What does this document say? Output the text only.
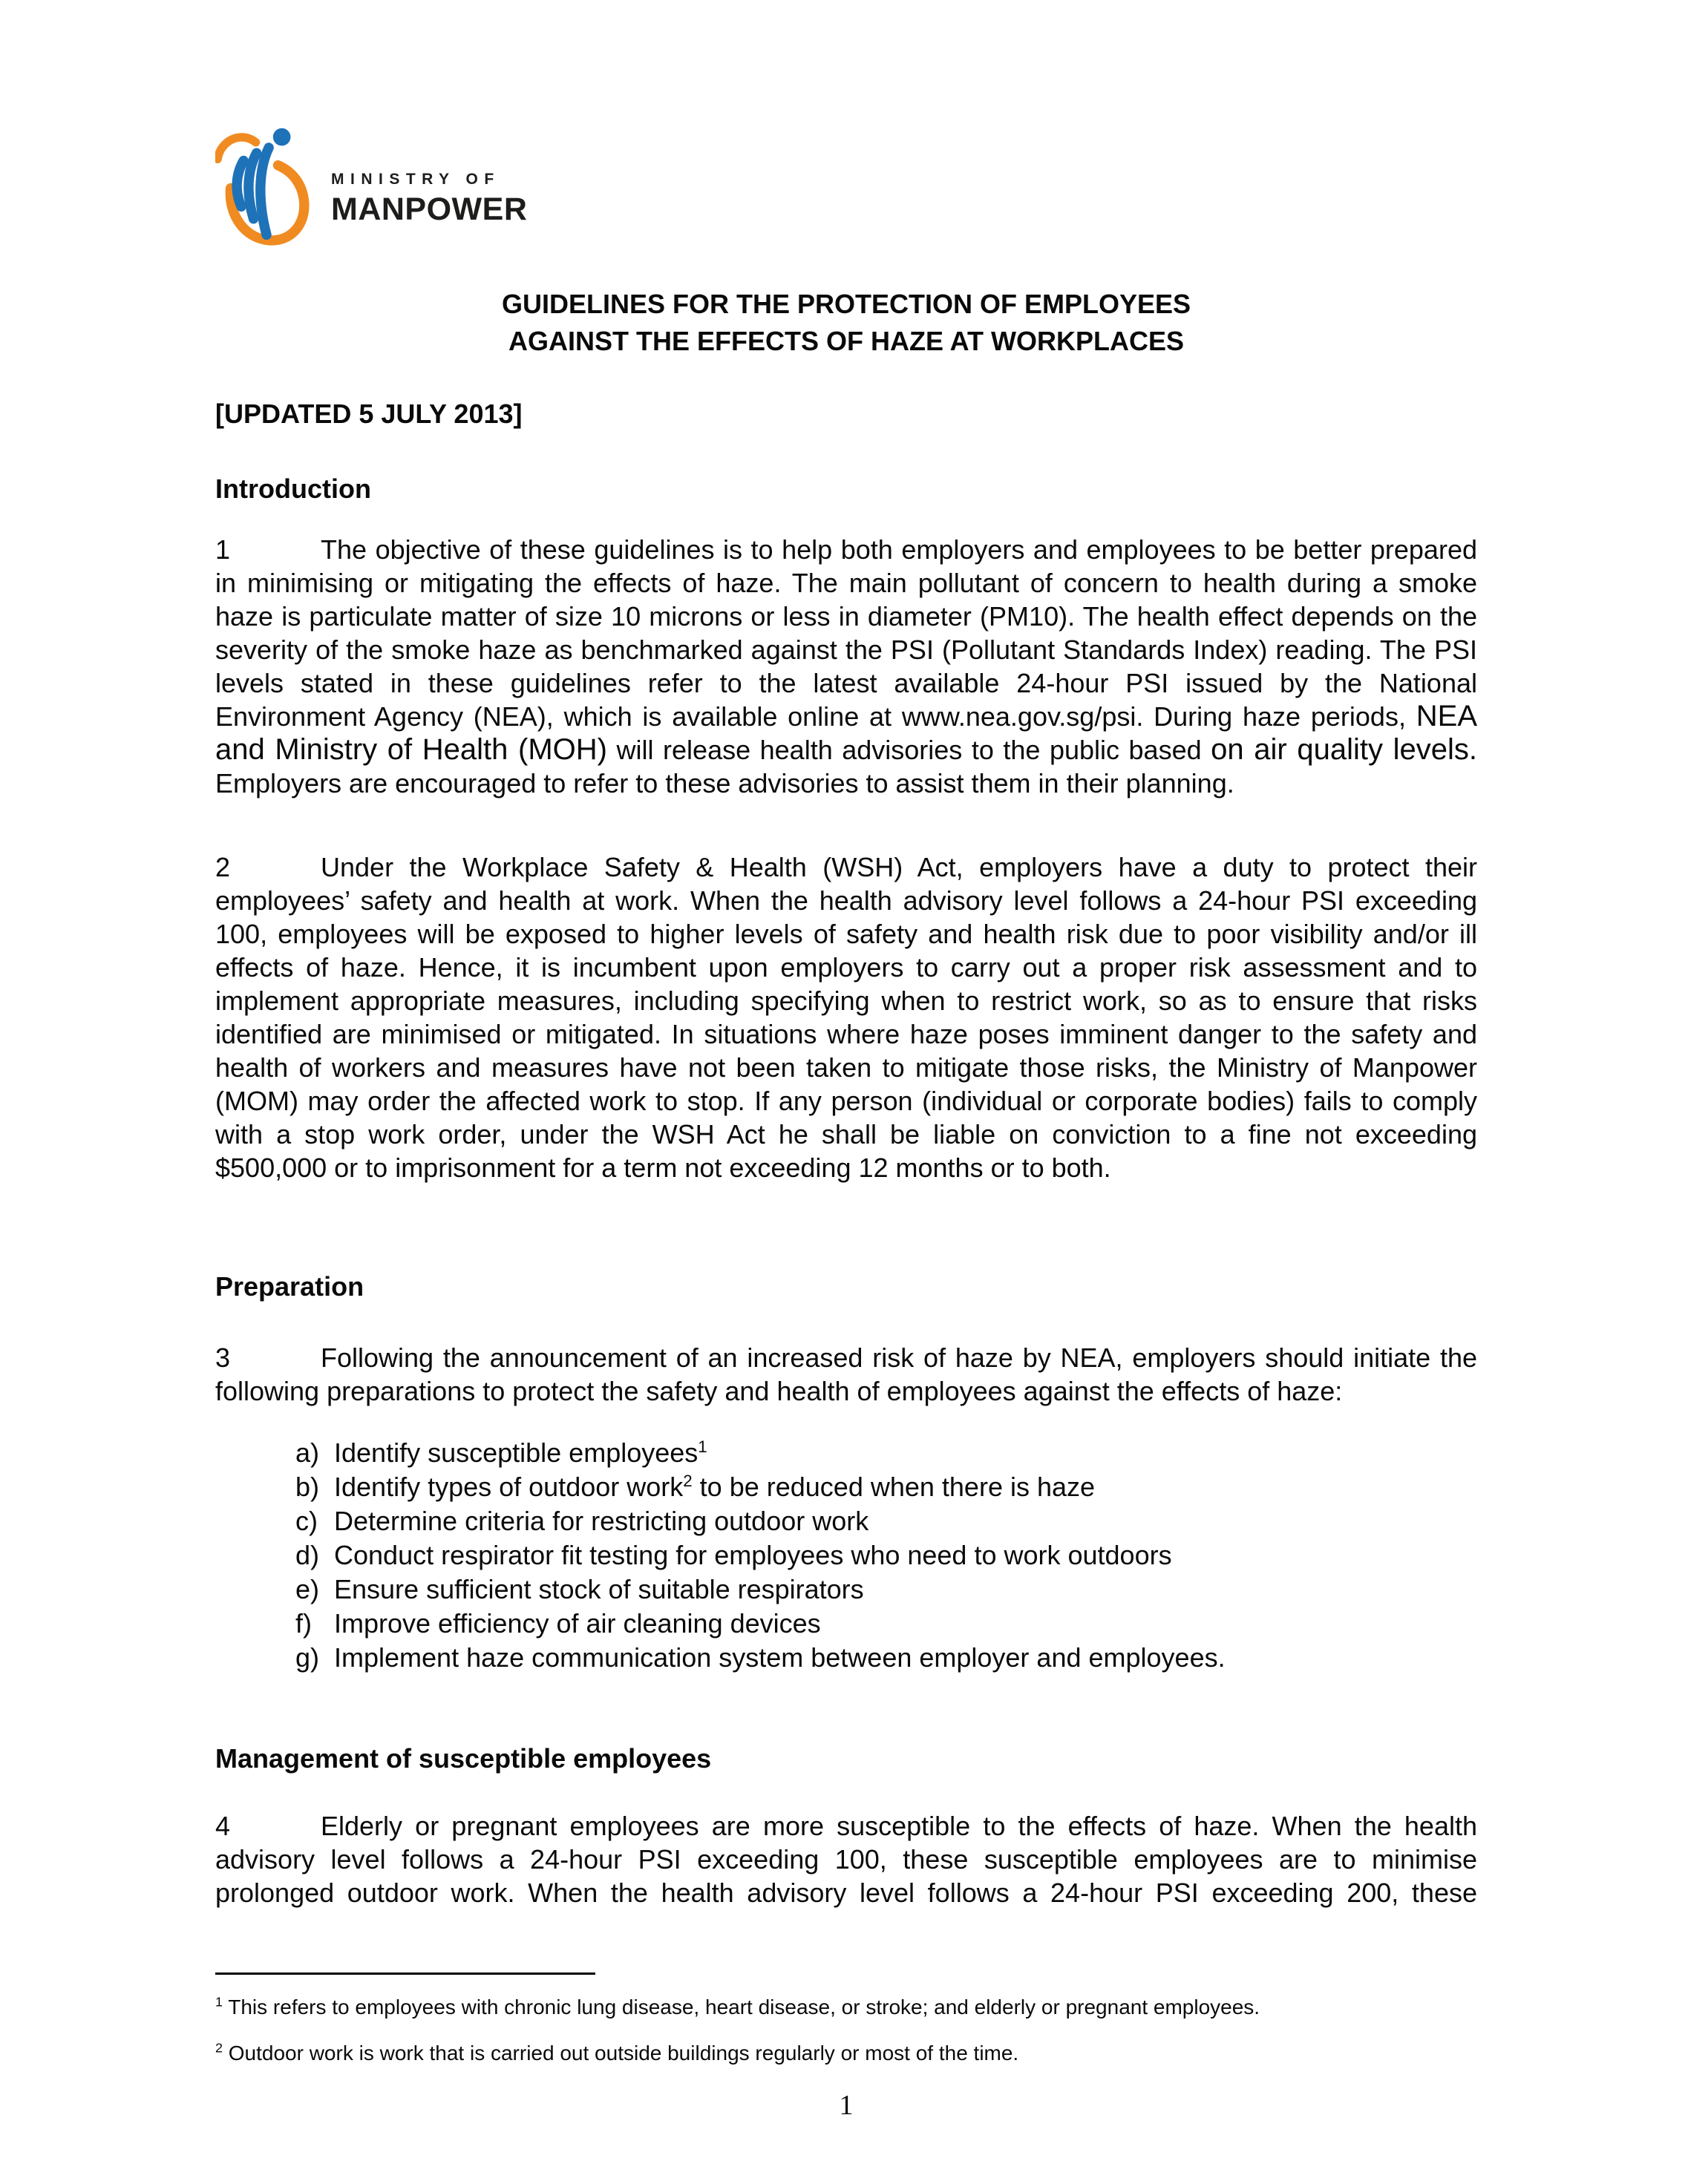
MINISTRY OF
MANPOWER
GUIDELINES FOR THE PROTECTION OF EMPLOYEES
AGAINST THE EFFECTS OF HAZE AT WORKPLACES
[UPDATED 5 JULY 2013]
Introduction

1	The objective of these guidelines is to help both employers and employees to be better prepared in minimising or mitigating the effects of haze. The main pollutant of concern to health during a smoke haze is particulate matter of size 10 microns or less in diameter (PM10). The health effect depends on the severity of the smoke haze as benchmarked against the PSI (Pollutant Standards Index) reading. The PSI levels stated in these guidelines refer to the latest available 24-hour PSI issued by the National Environment Agency (NEA), which is available online at www.nea.gov.sg/psi. During haze periods, NEA and Ministry of Health (MOH) will release health advisories to the public based on air quality levels. Employers are encouraged to refer to these advisories to assist them in their planning.

2	Under the Workplace Safety & Health (WSH) Act, employers have a duty to protect their employees’ safety and health at work. When the health advisory level follows a 24-hour PSI exceeding 100, employees will be exposed to higher levels of safety and health risk due to poor visibility and/or ill effects of haze. Hence, it is incumbent upon employers to carry out a proper risk assessment and to implement appropriate measures, including specifying when to restrict work, so as to ensure that risks identified are minimised or mitigated. In situations where haze poses imminent danger to the safety and health of workers and measures have not been taken to mitigate those risks, the Ministry of Manpower (MOM) may order the affected work to stop. If any person (individual or corporate bodies) fails to comply with a stop work order, under the WSH Act he shall be liable on conviction to a fine not exceeding $500,000 or to imprisonment for a term not exceeding 12 months or to both.

Preparation

3	Following the announcement of an increased risk of haze by NEA, employers should initiate the following preparations to protect the safety and health of employees against the effects of haze:

a) Identify susceptible employees$^1$
b) Identify types of outdoor work$^2$ to be reduced when there is haze
c) Determine criteria for restricting outdoor work
d) Conduct respirator fit testing for employees who need to work outdoors
e) Ensure sufficient stock of suitable respirators
f) Improve efficiency of air cleaning devices
g) Implement haze communication system between employer and employees.
Management of susceptible employees

4	Elderly or pregnant employees are more susceptible to the effects of haze. When the health advisory level follows a 24-hour PSI exceeding 100, these susceptible employees are to minimise prolonged outdoor work. When the health advisory level follows a 24-hour PSI exceeding 200, these

$^1$ This refers to employees with chronic lung disease, heart disease, or stroke; and elderly or pregnant employees.
$^2$ Outdoor work is work that is carried out outside buildings regularly or most of the time.
1
